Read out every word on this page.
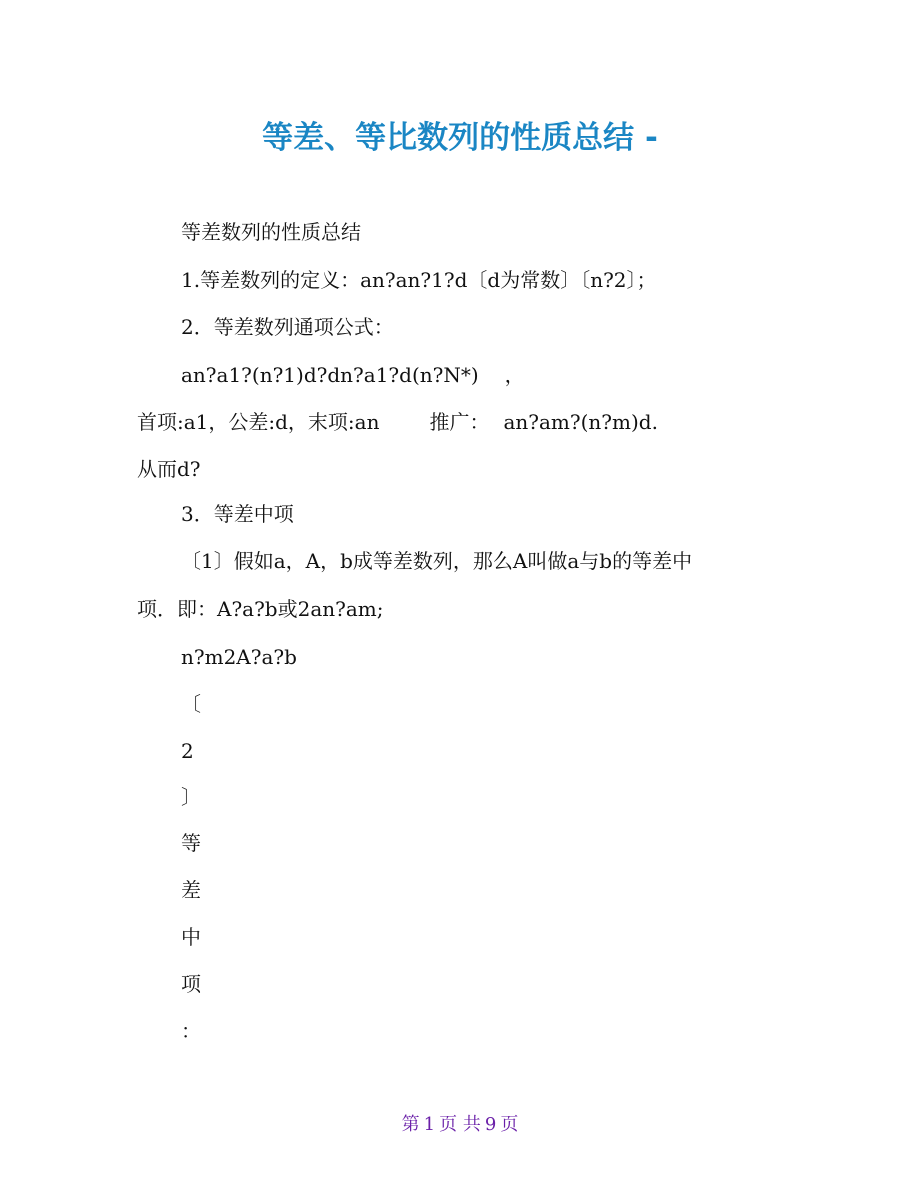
等差、等比数列的性质总结 -

等差数列的性质总结

1.等差数列的定义：an?an?1?d〔d为常数〕〔n?2〕；

2．等差数列通项公式：

an?a1?(n?1)d?dn?a1?d(n?N*) ，

首项:a1，公差:d，末项:an	推广： an?am?(n?m)d.

从而d?

3．等差中项

〔1〕假如a，A，b成等差数列，那么A叫做a与b的等差中

项．即：A?a?b或2an?am;

n?m2A?a?b

〔

2

〕

等

差

中

项

：

第 1 页 共 9 页
